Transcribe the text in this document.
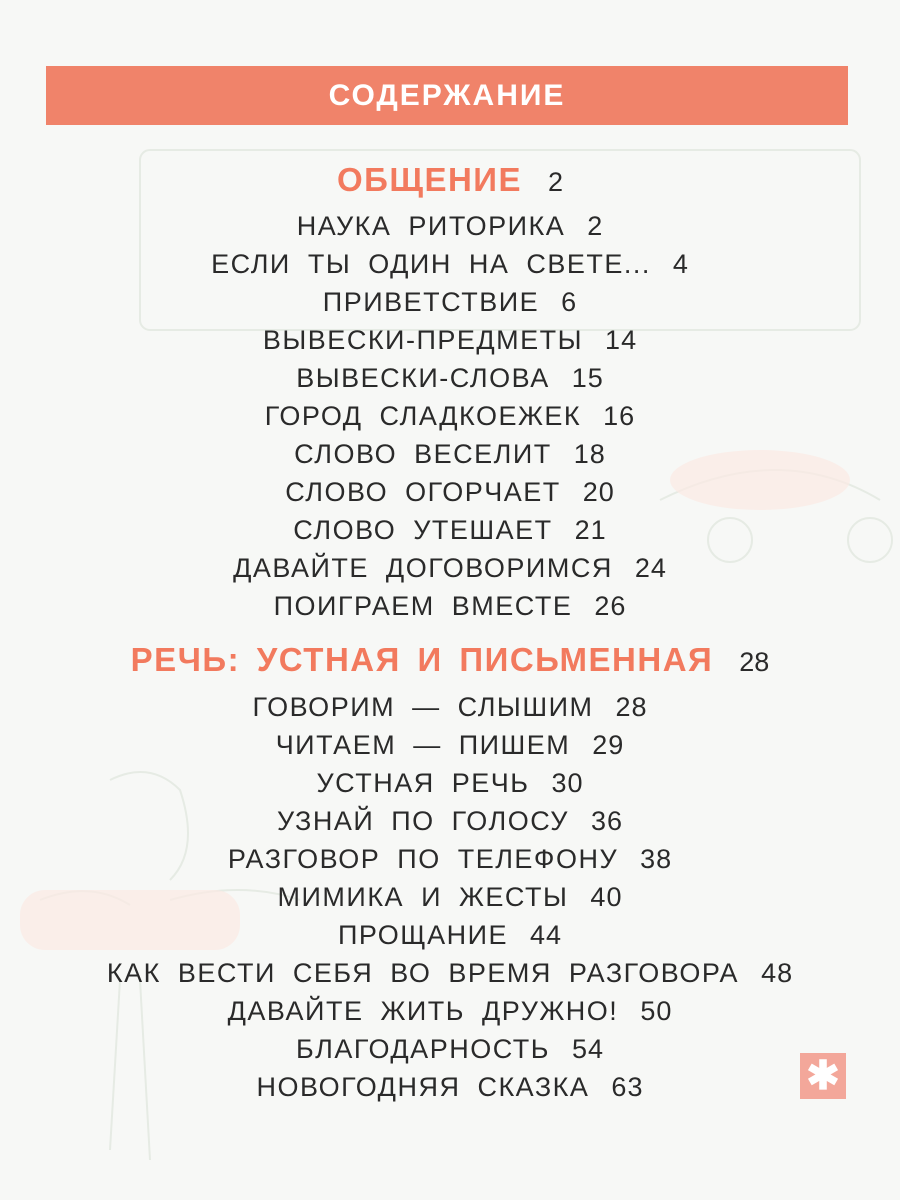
СОДЕРЖАНИЕ
ОБЩЕНИЕ 2
НАУКА РИТОРИКА 2
ЕСЛИ ТЫ ОДИН НА СВЕТЕ... 4
ПРИВЕТСТВИЕ 6
ВЫВЕСКИ-ПРЕДМЕТЫ 14
ВЫВЕСКИ-СЛОВА 15
ГОРОД СЛАДКОЕЖЕК 16
СЛОВО ВЕСЕЛИТ 18
СЛОВО ОГОРЧАЕТ 20
СЛОВО УТЕШАЕТ 21
ДАВАЙТЕ ДОГОВОРИМСЯ 24
ПОИГРАЕМ ВМЕСТЕ 26
РЕЧЬ: УСТНАЯ И ПИСЬМЕННАЯ 28
ГОВОРИМ — СЛЫШИМ 28
ЧИТАЕМ — ПИШЕМ 29
УСТНАЯ РЕЧЬ 30
УЗНАЙ ПО ГОЛОСУ 36
РАЗГОВОР ПО ТЕЛЕФОНУ 38
МИМИКА И ЖЕСТЫ 40
ПРОЩАНИЕ 44
КАК ВЕСТИ СЕБЯ ВО ВРЕМЯ РАЗГОВОРА 48
ДАВАЙТЕ ЖИТЬ ДРУЖНО! 50
БЛАГОДАРНОСТЬ 54
НОВОГОДНЯЯ СКАЗКА 63	✱
